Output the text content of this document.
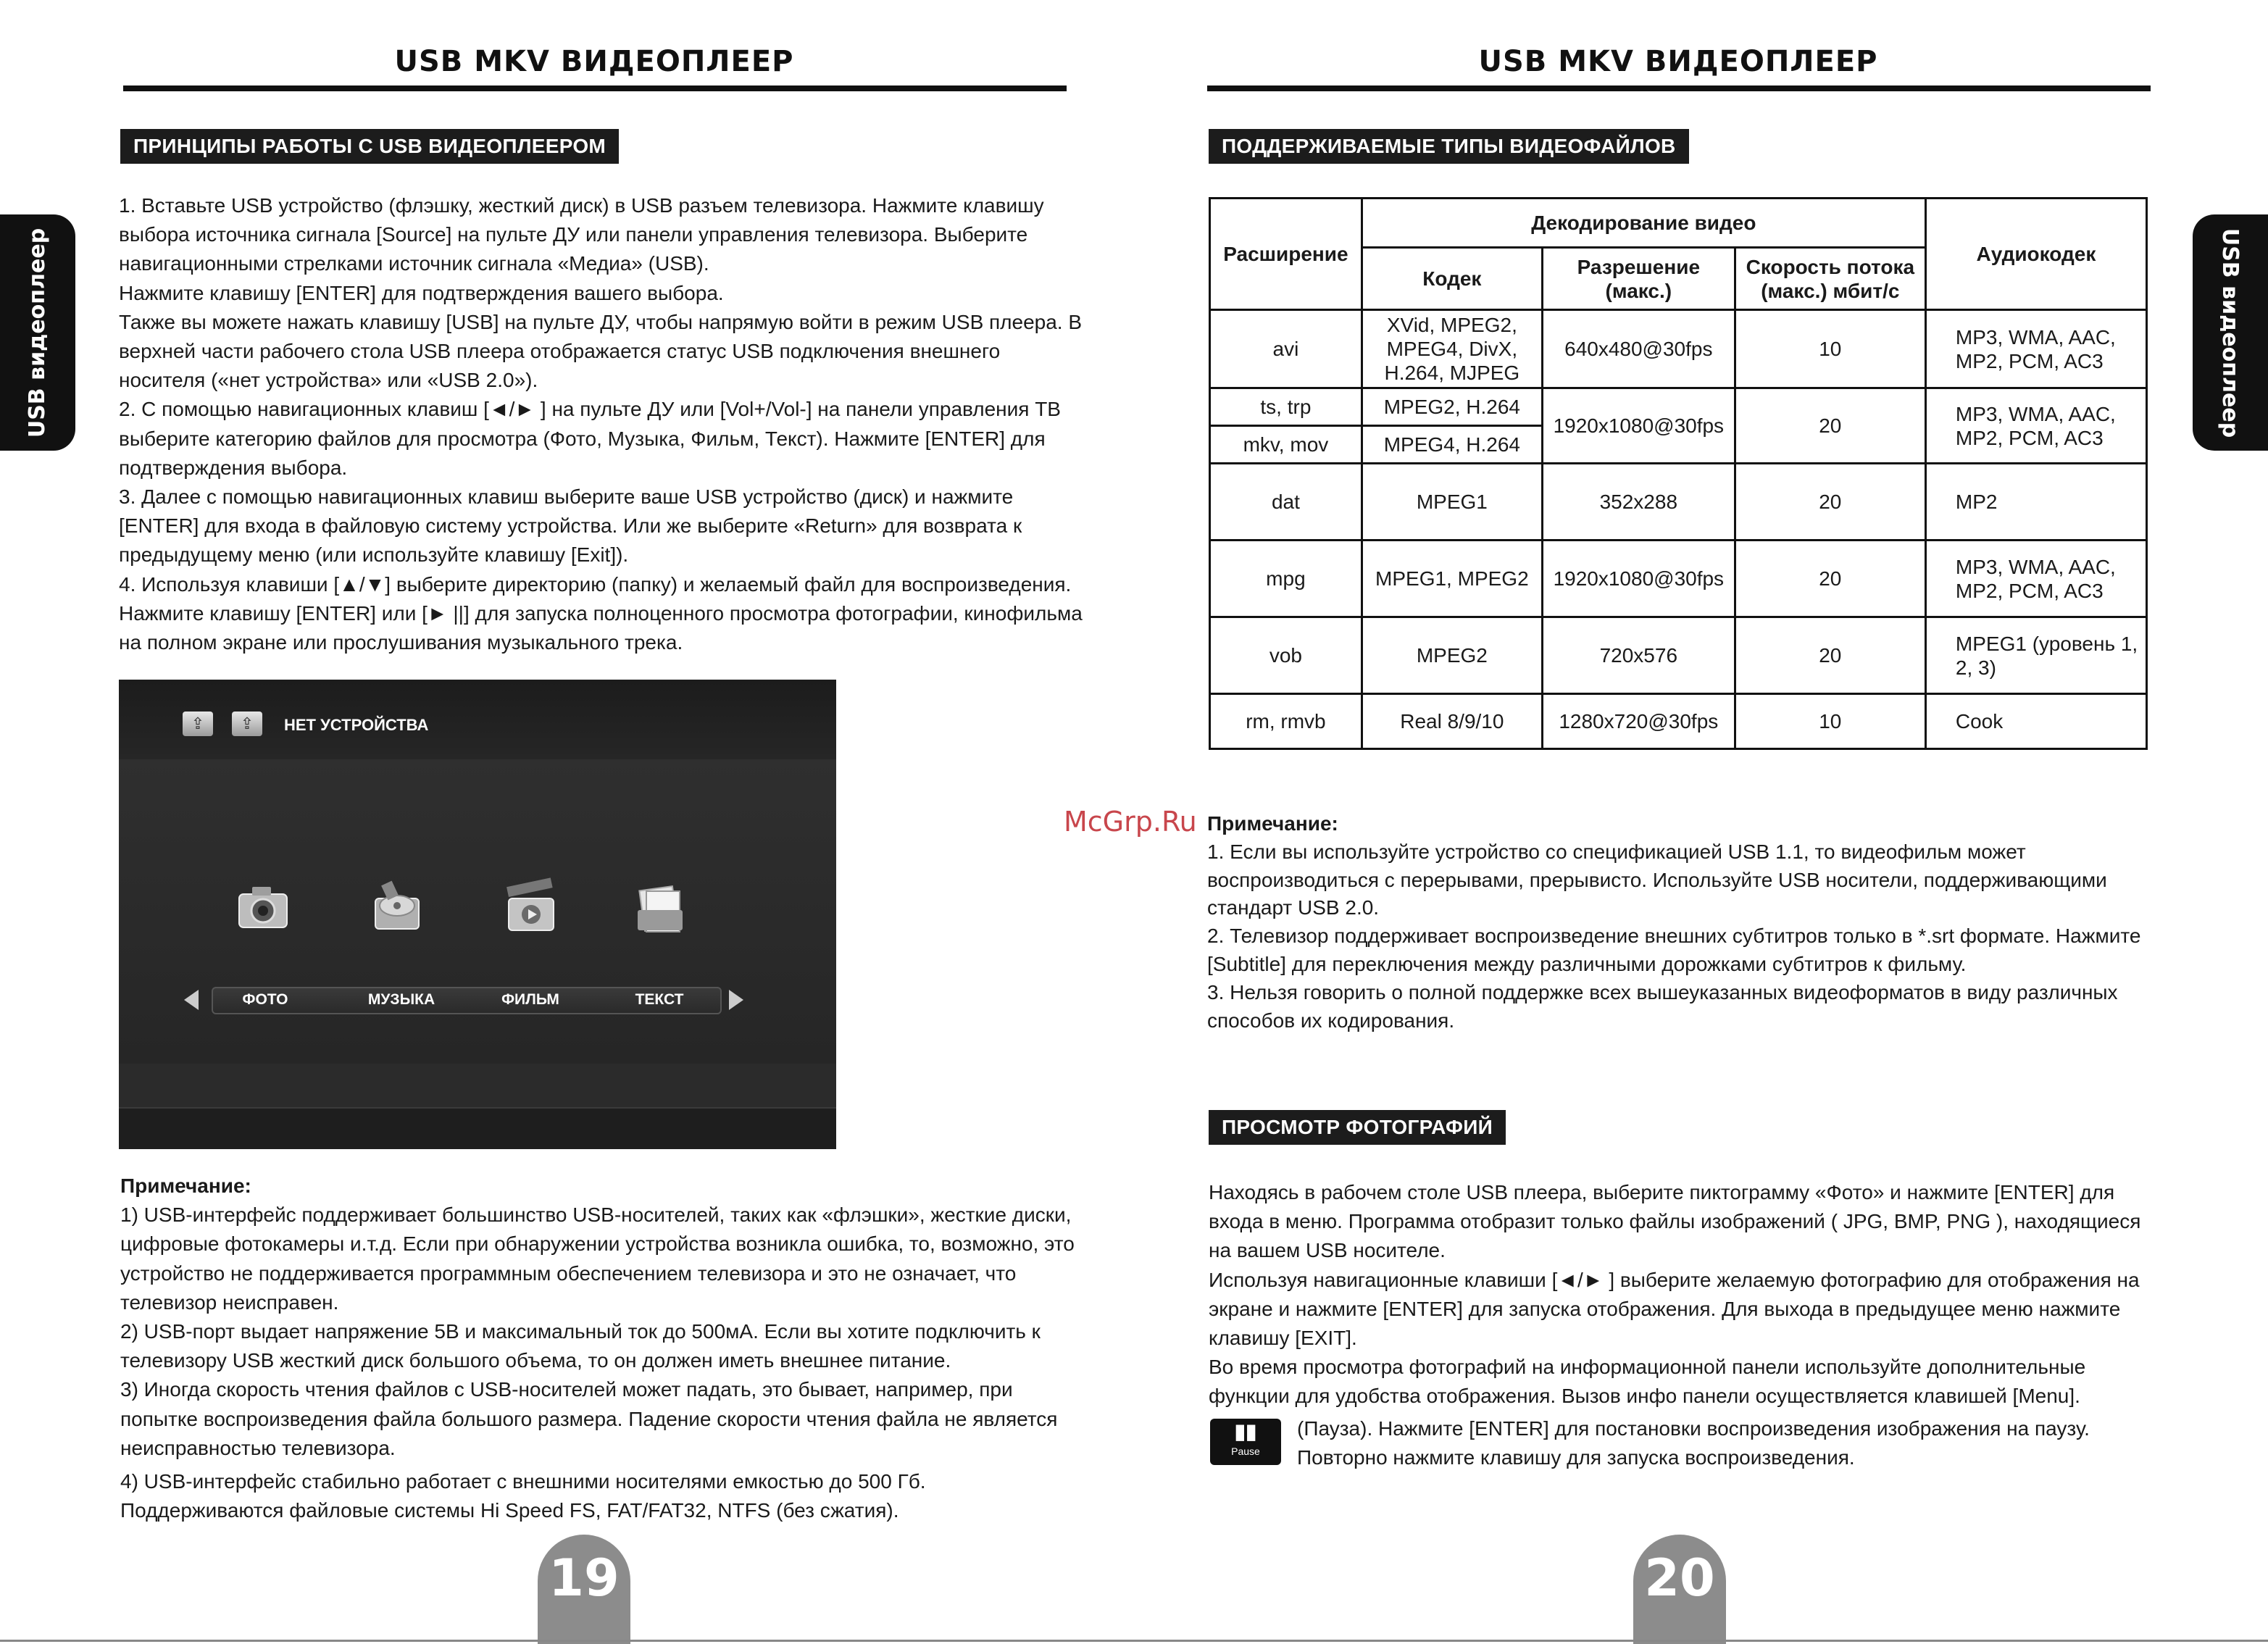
USB MKV ВИДЕОПЛЕЕР
USB видеоплеер
ПРИНЦИПЫ РАБОТЫ С USB ВИДЕОПЛЕЕРОМ

1. Вставьте USB устройство (флэшку, жесткий диск) в USB разъем телевизора. Нажмите клавишу выбора источника сигнала [Source] на пульте ДУ или панели управления телевизора. Выберите навигационными стрелками источник сигнала «Медиа» (USB).

Нажмите клавишу [ENTER] для подтверждения вашего выбора.

Также вы можете нажать клавишу [USB] на пульте ДУ, чтобы напрямую войти в режим USB плеера. В верхней части рабочего стола USB плеера отображается статус USB подключения внешнего носителя («нет устройства» или «USB 2.0»).

2. С помощью навигационных клавиш [◄/► ] на пульте ДУ или [Vol+/Vol-] на панели управления ТВ выберите категорию файлов для просмотра (Фото, Музыка, Фильм, Текст). Нажмите [ENTER] для подтверждения выбора.

3. Далее с помощью навигационных клавиш выберите ваше USB устройство (диск) и нажмите [ENTER] для входа в файловую систему устройства. Или же выберите «Return» для возврата к предыдущему меню (или используйте клавишу [Exit]).

4. Используя клавиши [▲/▼] выберите директорию (папку) и желаемый файл для воспроизведения. Нажмите клавишу [ENTER] или [► ||] для запуска полноценного просмотра фотографии, кинофильма на полном экране или прослушивания музыкального трека.

⇪	⇪	НЕТ УСТРОЙСТВА
ФОТО	МУЗЫКА	ФИЛЬМ	ТЕКСТ

Примечание:

1) USB-интерфейс поддерживает большинство USB-носителей, таких как «флэшки», жесткие диски, цифровые фотокамеры и.т.д. Если при обнаружении устройства возникла ошибка, то, возможно, это устройство не поддерживается программным обеспечением телевизора и это не означает, что телевизор неисправен.

2) USB-порт выдает напряжение 5В и максимальный ток до 500мА. Если вы хотите подключить к телевизору USB жесткий диск большого объема, то он должен иметь внешнее питание.

3) Иногда скорость чтения файлов с USB-носителей может падать, это бывает, например, при попытке воспроизведения файла большого размера. Падение скорости чтения файла не является неисправностью телевизора.

4) USB-интерфейс стабильно работает с внешними носителями емкостью до 500 Гб. Поддерживаются файловые системы Hi Speed FS, FAT/FAT32, NTFS (без сжатия).

19
USB MKV ВИДЕОПЛЕЕР
USB видеоплеер
ПОДДЕРЖИВАЕМЫЕ ТИПЫ ВИДЕОФАЙЛОВ
Расширение	Декодирование видео			Аудиокодек
	Кодек	Разрешение (макс.)	Скорость потока (макс.) мбит/с	
avi	XVid, MPEG2, MPEG4, DivX, H.264, MJPEG	640x480@30fps	10	MP3, WMA, AAC, MP2, PCM, AC3
ts, trp	MPEG2, H.264	1920x1080@30fps	20	MP3, WMA, AAC, MP2, PCM, AC3
mkv, mov	MPEG4, H.264			
dat	MPEG1	352x288	20	MP2
mpg	MPEG1, MPEG2	1920x1080@30fps	20	MP3, WMA, AAC, MP2, PCM, AC3
vob	MPEG2	720x576	20	MPEG1 (уровень 1, 2, 3)
rm, rmvb	Real 8/9/10	1280x720@30fps	10	Cook
McGrp.Ru Примечание:

1. Если вы используйте устройство со спецификацией USB 1.1, то видеофильм может воспроизводиться с перерывами, прерывисто. Используйте USB носители, поддерживающими стандарт USB 2.0.

2. Телевизор поддерживает воспроизведение внешних субтитров только в *.srt формате. Нажмите [Subtitle] для переключения между различными дорожками субтитров к фильму.

3. Нельзя говорить о полной поддержке всех вышеуказанных видеоформатов в виду различных способов их кодирования.

ПРОСМОТР ФОТОГРАФИЙ

Находясь в рабочем столе USB плеера, выберите пиктограмму «Фото» и нажмите [ENTER] для входа в меню. Программа отобразит только файлы изображений ( JPG, BMP, PNG ), находящиеся на вашем USB носителе.

Используя навигационные клавиши [◄/► ] выберите желаемую фотографию для отображения на экране и нажмите [ENTER] для запуска отображения. Для выхода в предыдущее меню нажмите клавишу [EXIT].

Во время просмотра фотографий на информационной панели используйте дополнительные функции для удобства отображения. Вызов инфо панели осуществляется клавишей [Menu].

▮▮
Pause
(Пауза). Нажмите [ENTER] для постановки воспроизведения изображения на паузу. Повторно нажмите клавишу для запуска воспроизведения.
20
